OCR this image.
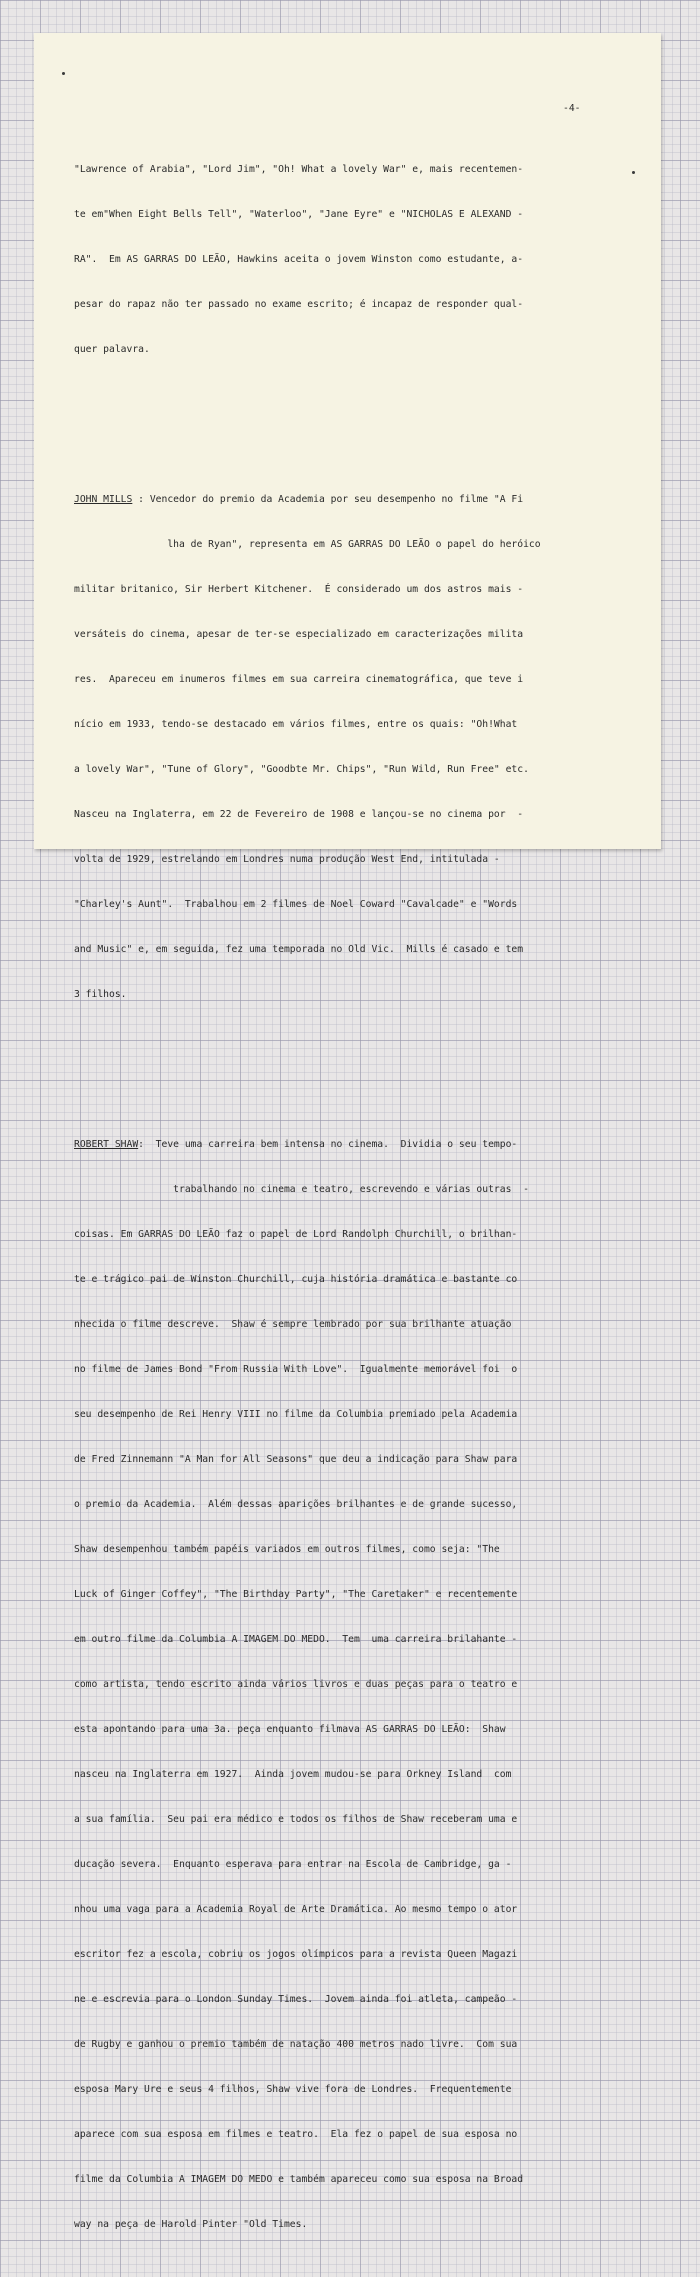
-4-

"Lawrence of Arabia", "Lord Jim", "Oh! What a lovely War" e, mais recentemen-

te em"When Eight Bells Tell", "Waterloo", "Jane Eyre" e "NICHOLAS E ALEXAND -

RA".  Em AS GARRAS DO LEÃO, Hawkins aceita o jovem Winston como estudante, a-

pesar do rapaz não ter passado no exame escrito; é incapaz de responder qual-

quer palavra.

JOHN MILLS : Vencedor do premio da Academia por seu desempenho no filme "A Fi

lha de Ryan", representa em AS GARRAS DO LEÃO o papel do heróico

militar britanico, Sir Herbert Kitchener.  É considerado um dos astros mais -

versáteis do cinema, apesar de ter-se especializado em caracterizações milita

res.  Apareceu em inumeros filmes em sua carreira cinematográfica, que teve i

nício em 1933, tendo-se destacado em vários filmes, entre os quais: "Oh!What

a lovely War", "Tune of Glory", "Goodbte Mr. Chips", "Run Wild, Run Free" etc.

Nasceu na Inglaterra, em 22 de Fevereiro de 1908 e lançou-se no cinema por  -

volta de 1929, estrelando em Londres numa produção West End, intitulada -

"Charley's Aunt".  Trabalhou em 2 filmes de Noel Coward "Cavalcade" e "Words

and Music" e, em seguida, fez uma temporada no Old Vic.  Mills é casado e tem

3 filhos.

ROBERT SHAW:  Teve uma carreira bem intensa no cinema.  Dividia o seu tempo-

trabalhando no cinema e teatro, escrevendo e várias outras  -

coisas. Em GARRAS DO LEÃO faz o papel de Lord Randolph Churchill, o brilhan-

te e trágico pai de Winston Churchill, cuja história dramática e bastante co

nhecida o filme descreve.  Shaw é sempre lembrado por sua brilhante atuação

no filme de James Bond "From Russia With Love".  Igualmente memorável foi  o

seu desempenho de Rei Henry VIII no filme da Columbia premiado pela Academia

de Fred Zinnemann "A Man for All Seasons" que deu a indicação para Shaw para

o premio da Academia.  Além dessas aparições brilhantes e de grande sucesso,

Shaw desempenhou também papéis variados em outros filmes, como seja: "The

Luck of Ginger Coffey", "The Birthday Party", "The Caretaker" e recentemente

em outro filme da Columbia A IMAGEM DO MEDO.  Tem  uma carreira brilahante -

como artista, tendo escrito ainda vários livros e duas peças para o teatro e

esta apontando para uma 3a. peça enquanto filmava AS GARRAS DO LEÃO:  Shaw

nasceu na Inglaterra em 1927.  Ainda jovem mudou-se para Orkney Island  com

a sua família.  Seu pai era médico e todos os filhos de Shaw receberam uma e

ducação severa.  Enquanto esperava para entrar na Escola de Cambridge, ga -

nhou uma vaga para a Academia Royal de Arte Dramática. Ao mesmo tempo o ator

escritor fez a escola, cobriu os jogos olímpicos para a revista Queen Magazi

ne e escrevia para o London Sunday Times.  Jovem ainda foi atleta, campeão -

de Rugby e ganhou o premio também de natação 400 metros nado livre.  Com sua

esposa Mary Ure e seus 4 filhos, Shaw vive fora de Londres.  Frequentemente

aparece com sua esposa em filmes e teatro.  Ela fez o papel de sua esposa no

filme da Columbia A IMAGEM DO MEDO e também apareceu como sua esposa na Broad

way na peça de Harold Pinter "Old Times.
